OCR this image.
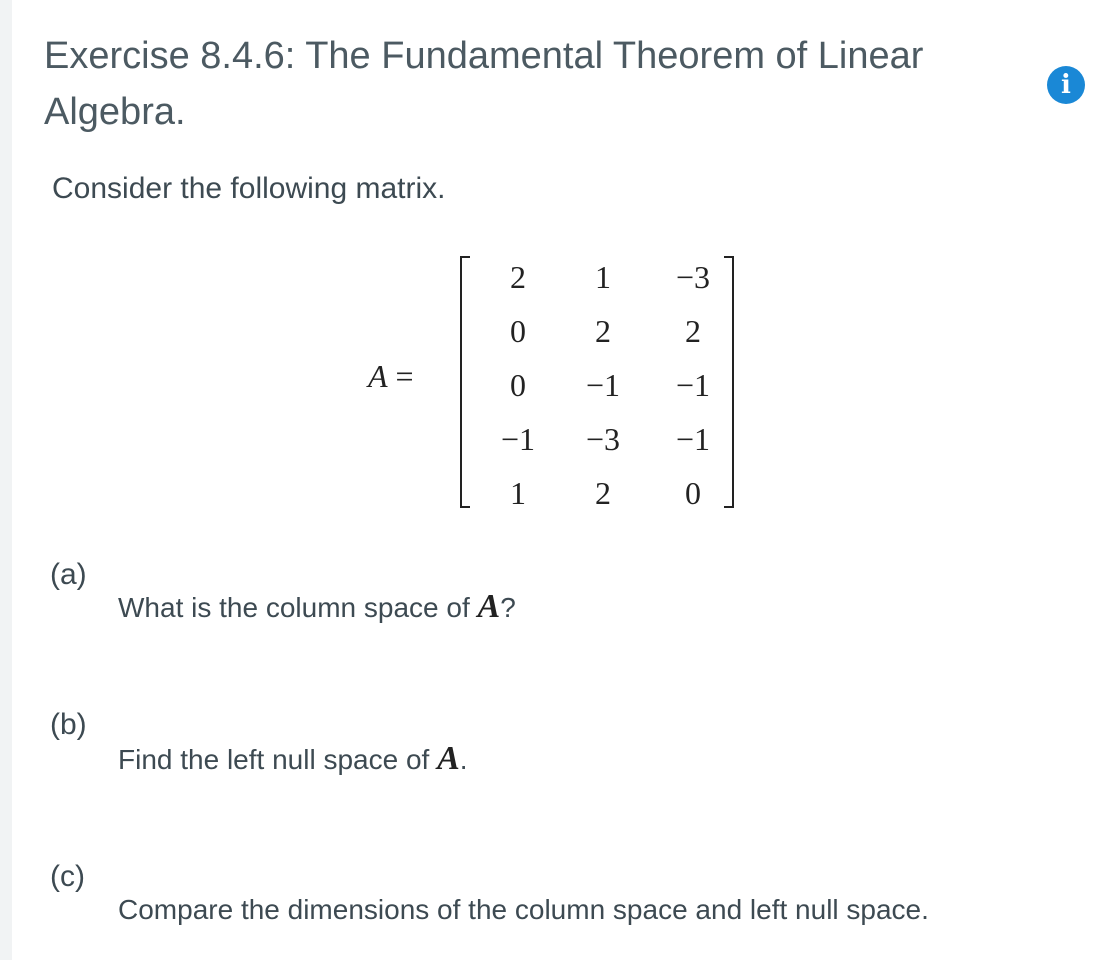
Exercise 8.4.6: The Fundamental Theorem of Linear Algebra.
i
Consider the following matrix.
A =
2	1	−3
0	2	2
0	−1	−1
−1	−3	−1
1	2	0
(a)
What is the column space of A?
(b)
Find the left null space of A.
(c)
Compare the dimensions of the column space and left null space.
